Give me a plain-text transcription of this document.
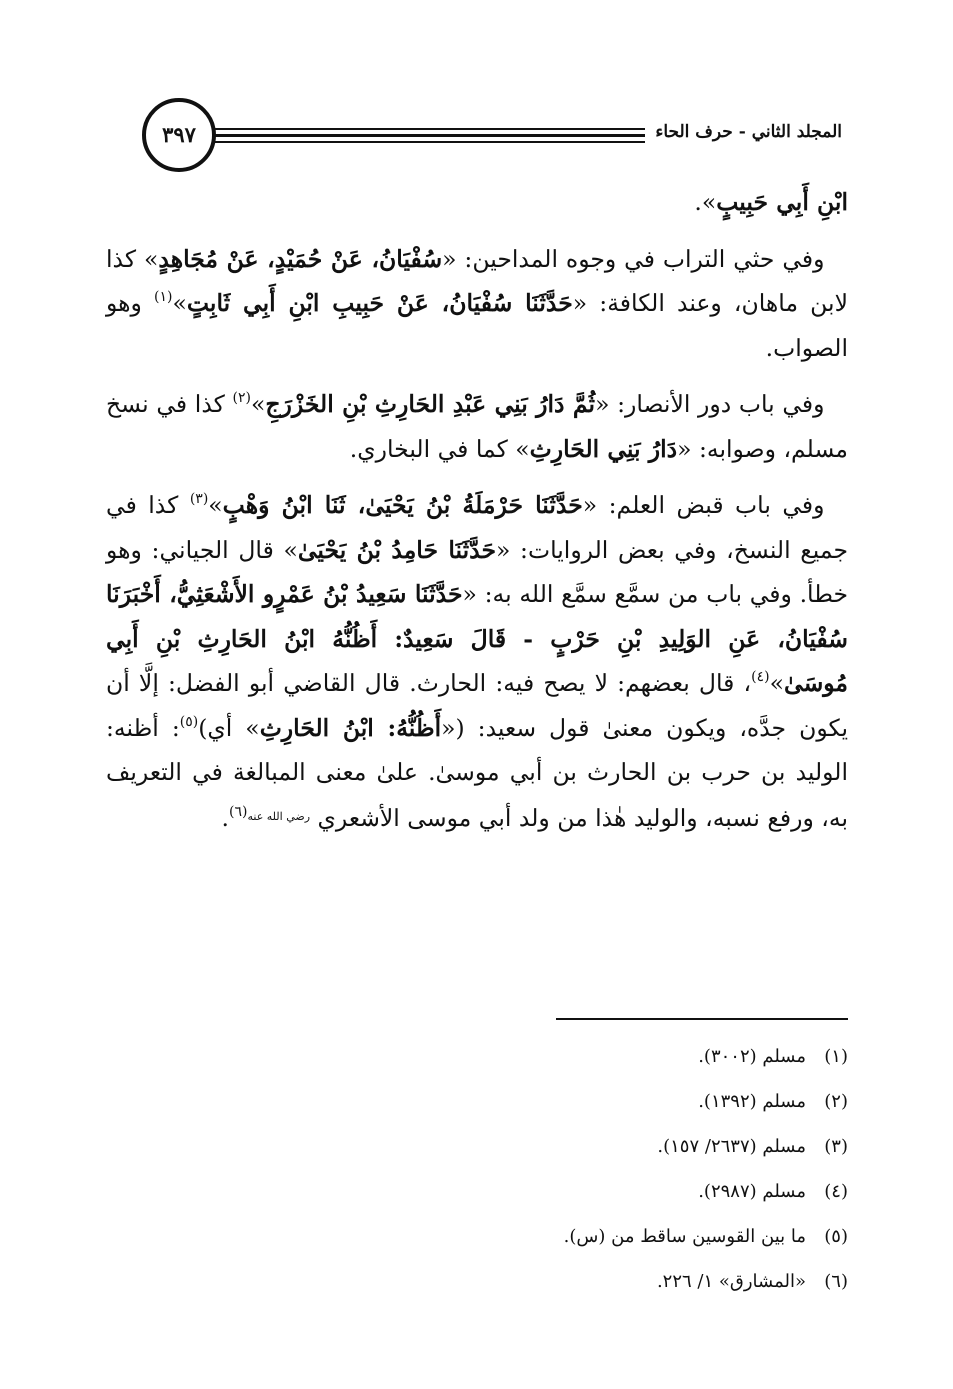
المجلد الثاني - حرف الحاء
٣٩٧

ابْنِ أَبِي حَبِيبٍ».

 وفي حثي التراب في وجوه المداحين: «سُفْيَانُ، عَنْ حُمَيْدٍ، عَنْ مُجَاهِدٍ» كذا لابن ماهان، وعند الكافة: «حَدَّثَنَا سُفْيَانُ، عَنْ حَبِيبِ ابْنِ أَبِي ثَابِتٍ»$^{(١)}$ وهو الصواب.

 وفي باب دور الأنصار: «ثُمَّ دَارُ بَنِي عَبْدِ الحَارِثِ بْنِ الخَزْرَجِ»$^{(٢)}$ كذا في نسخ مسلم، وصوابه: «دَارُ بَنِي الحَارِثِ» كما في البخاري.

 وفي باب قبض العلم: «حَدَّثَنَا حَرْمَلَةُ بْنُ يَحْيَىٰ، ثَنَا ابْنُ وَهْبٍ»$^{(٣)}$ كذا في جميع النسخ، وفي بعض الروايات: «حَدَّثَنَا حَامِدُ بْنُ يَحْيَىٰ» قال الجياني: وهو خطأ. وفي باب من سمَّع سمَّع الله به: «حَدَّثَنَا سَعِيدُ بْنُ عَمْرٍو الأَشْعَثِيُّ، أَخْبَرَنَا سُفْيَانُ، عَنِ الوَلِيدِ بْنِ حَرْبٍ - قَالَ سَعِيدٌ: أَظُنُّهُ ابْنُ الحَارِثِ بْنِ أَبِي مُوسَىٰ»$^{(٤)}$، قال بعضهم: لا يصح فيه: الحارث. قال القاضي أبو الفضل: إلَّا أن يكون جدَّه، ويكون معنىٰ قول سعيد: («أَظُنُّهُ: ابْنُ الحَارِثِ» أي)$^{(٥)}$: أظنه: الوليد بن حرب بن الحارث بن أبي موسىٰ. علىٰ معنى المبالغة في التعريف به، ورفع نسبه، والوليد هٰذا من ولد أبي موسى الأشعري $^{رضي الله عنه(٦)}$.

(١)مسلم (٣٠٠٢).
(٢)مسلم (١٣٩٢).
(٣)مسلم (٢٦٣٧/ ١٥٧).
(٤)مسلم (٢٩٨٧).
(٥)ما بين القوسين ساقط من (س).
(٦)«المشارق» ١/ ٢٢٦.
